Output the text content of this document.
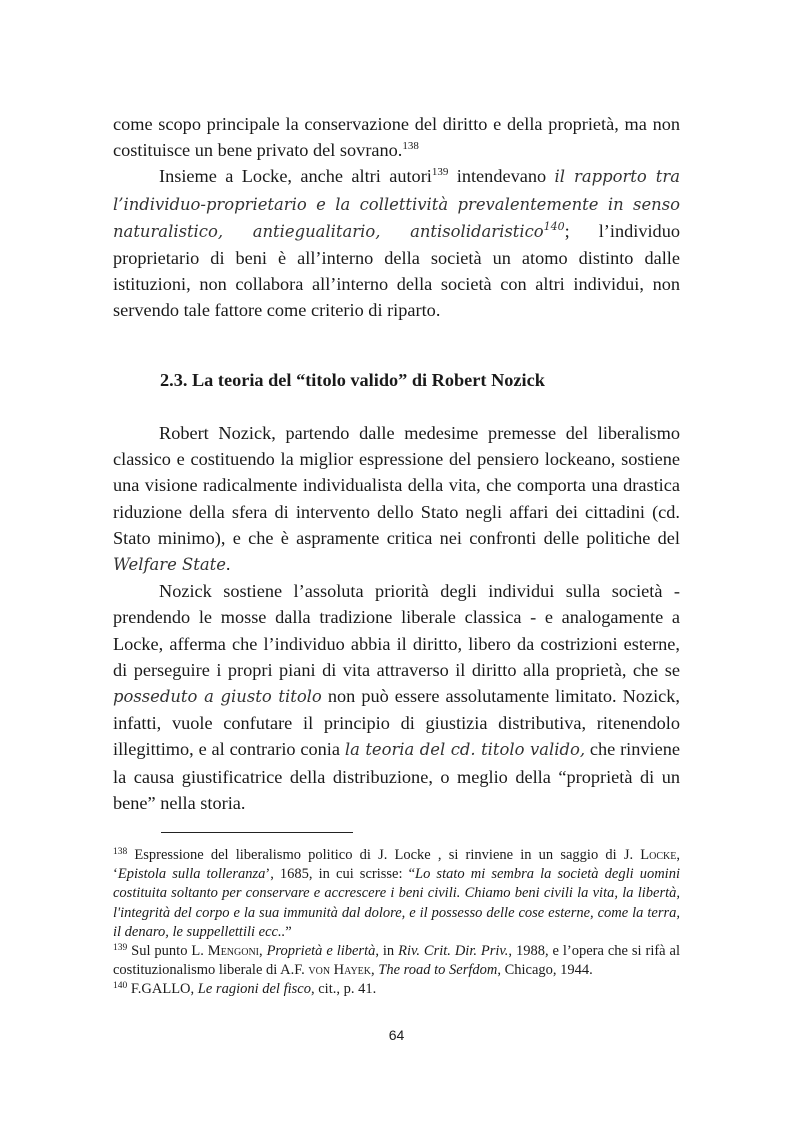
come scopo principale la conservazione del diritto e della proprietà, ma non costituisce un bene privato del sovrano.$^{138}$

Insieme a Locke, anche altri autori$^{139}$ intendevano il rapporto tra l’individuo-proprietario e la collettività prevalentemente in senso naturalistico, antiegualitario, antisolidaristico$^{140}$; l’individuo proprietario di beni è all’interno della società un atomo distinto dalle istituzioni, non collabora all’interno della società con altri individui, non servendo tale fattore come criterio di riparto.

2.3. La teoria del “titolo valido” di Robert Nozick

Robert Nozick, partendo dalle medesime premesse del liberalismo classico e costituendo la miglior espressione del pensiero lockeano, sostiene una visione radicalmente individualista della vita, che comporta una drastica riduzione della sfera di intervento dello Stato negli affari dei cittadini (cd. Stato minimo), e che è aspramente critica nei confronti delle politiche del Welfare State.

Nozick sostiene l’assoluta priorità degli individui sulla società - prendendo le mosse dalla tradizione liberale classica - e analogamente a Locke, afferma che l’individuo abbia il diritto, libero da costrizioni esterne, di perseguire i propri piani di vita attraverso il diritto alla proprietà, che se posseduto a giusto titolo non può essere assolutamente limitato. Nozick, infatti, vuole confutare il principio di giustizia distributiva, ritenendolo illegittimo, e al contrario conia la teoria del cd. titolo valido, che rinviene la causa giustificatrice della distribuzione, o meglio della “proprietà di un bene” nella storia.

$^{138}$ Espressione del liberalismo politico di J. Locke , si rinviene in un saggio di J. Locke, ‘Epistola sulla tolleranza’, 1685, in cui scrisse: “Lo stato mi sembra la società degli uomini costituita soltanto per conservare e accrescere i beni civili. Chiamo beni civili la vita, la libertà, l'integrità del corpo e la sua immunità dal dolore, e il possesso delle cose esterne, come la terra, il denaro, le suppellettili ecc..”

$^{139}$ Sul punto L. Mengoni, Proprietà e libertà, in Riv. Crit. Dir. Priv., 1988, e l’opera che si rifà al costituzionalismo liberale di A.F. von Hayek, The road to Serfdom, Chicago, 1944.

$^{140}$ F.GALLO, Le ragioni del fisco, cit., p. 41.

64
